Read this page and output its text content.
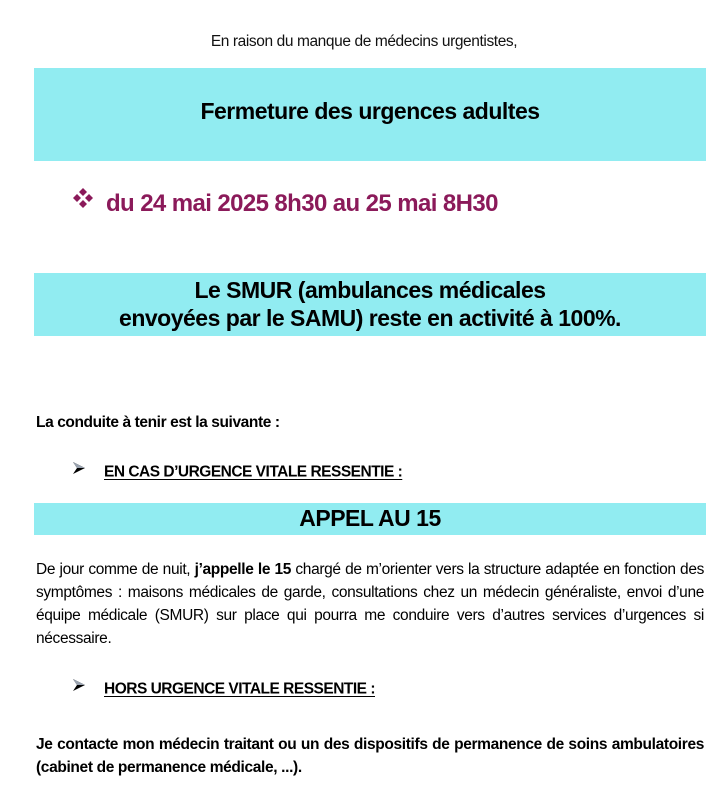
En raison du manque de médecins urgentistes,
Fermeture des urgences adultes
du 24 mai 2025 8h30 au 25 mai 8H30
Le SMUR (ambulances médicales
envoyées par le SAMU) reste en activité à 100%.
La conduite à tenir est la suivante :
EN CAS D’URGENCE VITALE RESSENTIE :
APPEL AU 15
De jour comme de nuit, j’appelle le 15 chargé de m’orienter vers la structure adaptée en fonction des symptômes : maisons médicales de garde, consultations chez un médecin généraliste, envoi d’une équipe médicale (SMUR) sur place qui pourra me conduire vers d’autres services d’urgences si nécessaire.
HORS URGENCE VITALE RESSENTIE :
Je contacte mon médecin traitant ou un des dispositifs de permanence de soins ambulatoires (cabinet de permanence médicale, ...).
